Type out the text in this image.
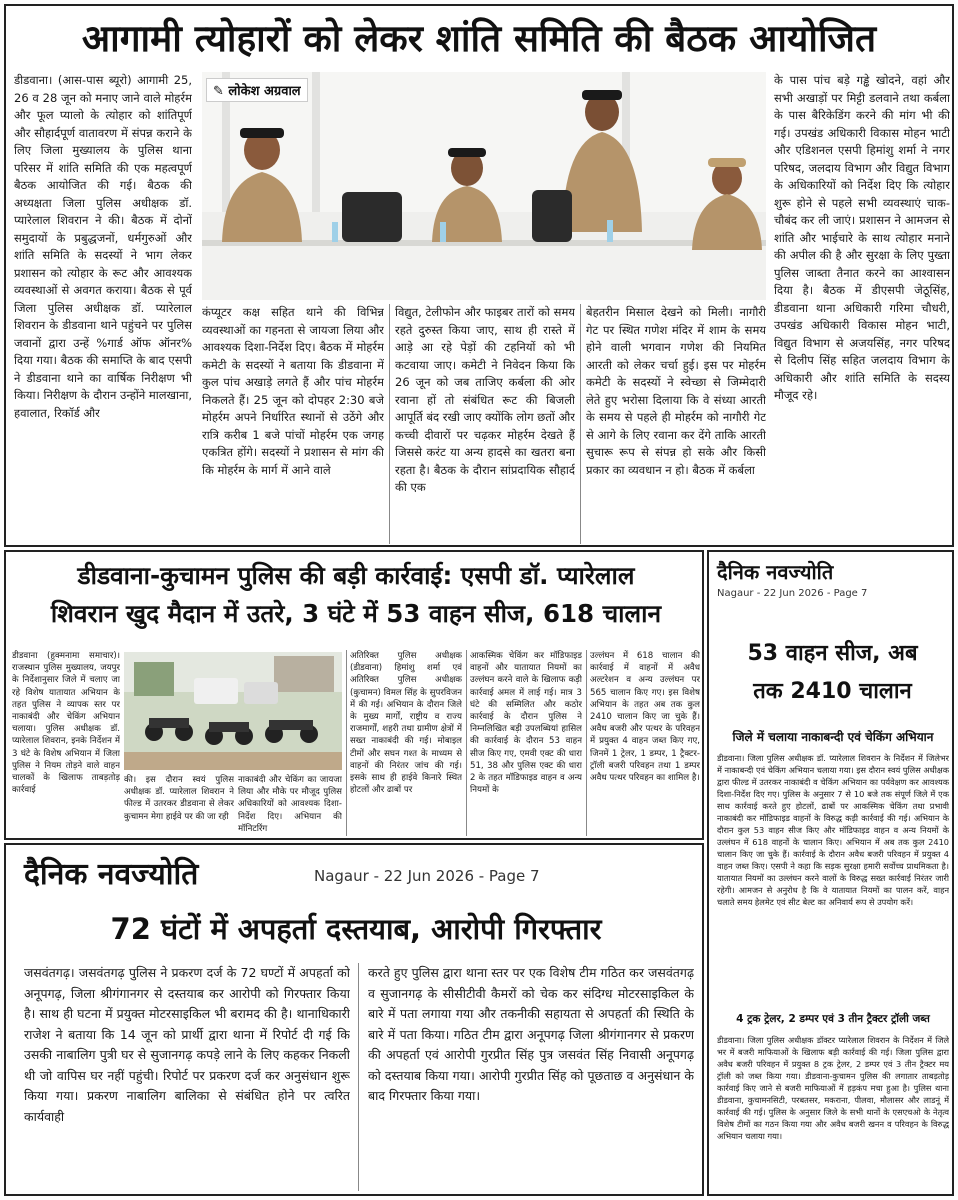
आगामी त्योहारों को लेकर शांति समिति की बैठक आयोजित
डीडवाना। (आस-पास ब्यूरो) आगामी 25, 26 व 28 जून को मनाए जाने वाले मोहर्रम और फूल प्यालो के त्योहार को शांतिपूर्ण और सौहार्दपूर्ण वातावरण में संपन्न कराने के लिए जिला मुख्यालय के पुलिस थाना परिसर में शांति समिति की एक महत्वपूर्ण बैठक आयोजित की गई। बैठक की अध्यक्षता जिला पुलिस अधीक्षक डॉ. प्यारेलाल शिवरान ने की। बैठक में दोनों समुदायों के प्रबुद्धजनों, धर्मगुरुओं और शांति समिति के सदस्यों ने भाग लेकर प्रशासन को त्योहार के रूट और आवश्यक व्यवस्थाओं से अवगत कराया। बैठक से पूर्व जिला पुलिस अधीक्षक डॉ. प्यारेलाल शिवरान के डीडवाना थाने पहुंचने पर पुलिस जवानों द्वारा उन्हें %गार्ड ऑफ ऑनर% दिया गया। बैठक की समाप्ति के बाद एसपी ने डीडवाना थाने का वार्षिक निरीक्षण भी किया। निरीक्षण के दौरान उन्होंने मालखाना, हवालात, रिकॉर्ड और
✎ लोकेश अग्रवाल
कंप्यूटर कक्ष सहित थाने की विभिन्न व्यवस्थाओं का गहनता से जायजा लिया और आवश्यक दिशा-निर्देश दिए। बैठक में मोहर्रम कमेटी के सदस्यों ने बताया कि डीडवाना में कुल पांच अखाड़े लगते हैं और पांच मोहर्रम निकलते हैं। 25 जून को दोपहर 2:30 बजे मोहर्रम अपने निर्धारित स्थानों से उठेंगे और रात्रि करीब 1 बजे पांचों मोहर्रम एक जगह एकत्रित होंगे। सदस्यों ने प्रशासन से मांग की कि मोहर्रम के मार्ग में आने वाले
विद्युत, टेलीफोन और फाइबर तारों को समय रहते दुरुस्त किया जाए, साथ ही रास्ते में आड़े आ रहे पेड़ों की टहनियों को भी कटवाया जाए। कमेटी ने निवेदन किया कि 26 जून को जब ताजिए कर्बला की ओर रवाना हों तो संबंधित रूट की बिजली आपूर्ति बंद रखी जाए क्योंकि लोग छतों और कच्ची दीवारों पर चढ़कर मोहर्रम देखते हैं जिससे करंट या अन्य हादसे का खतरा बना रहता है। बैठक के दौरान सांप्रदायिक सौहार्द की एक
बेहतरीन मिसाल देखने को मिली। नागौरी गेट पर स्थित गणेश मंदिर में शाम के समय होने वाली भगवान गणेश की नियमित आरती को लेकर चर्चा हुई। इस पर मोहर्रम कमेटी के सदस्यों ने स्वेच्छा से जिम्मेदारी लेते हुए भरोसा दिलाया कि वे संध्या आरती के समय से पहले ही मोहर्रम को नागौरी गेट से आगे के लिए रवाना कर देंगे ताकि आरती सुचारू रूप से संपन्न हो सके और किसी प्रकार का व्यवधान न हो। बैठक में कर्बला
के पास पांच बड़े गड्ढे खोदने, वहां और सभी अखाड़ों पर मिट्टी डलवाने तथा कर्बला के पास बैरिकेडिंग करने की मांग भी की गई। उपखंड अधिकारी विकास मोहन भाटी और एडिशनल एसपी हिमांशु शर्मा ने नगर परिषद, जलदाय विभाग और विद्युत विभाग के अधिकारियों को निर्देश दिए कि त्योहार शुरू होने से पहले सभी व्यवस्थाएं चाक-चौबंद कर ली जाएं। प्रशासन ने आमजन से शांति और भाईचारे के साथ त्योहार मनाने की अपील की है और सुरक्षा के लिए पुख्ता पुलिस जाब्ता तैनात करने का आश्वासन दिया है। बैठक में डीएसपी जेठूसिंह, डीडवाना थाना अधिकारी गरिमा चौधरी, उपखंड अधिकारी विकास मोहन भाटी, विद्युत विभाग से अजयसिंह, नगर परिषद से दिलीप सिंह सहित जलदाय विभाग के अधिकारी और शांति समिति के सदस्य मौजूद रहे।
डीडवाना-कुचामन पुलिस की बड़ी कार्रवाई: एसपी डॉ. प्यारेलाल
शिवरान खुद मैदान में उतरे, 3 घंटे में 53 वाहन सीज, 618 चालान
डीडवाना (हुक्मनामा समाचार)। राजस्थान पुलिस मुख्यालय, जयपुर के निर्देशानुसार जिले में चलाए जा रहे विशेष यातायात अभियान के तहत पुलिस ने व्यापक स्तर पर नाकाबंदी और चेकिंग अभियान चलाया। पुलिस अधीक्षक डॉ. प्यारेलाल शिवरान, इनके निर्देशन में 3 घंटे के विशेष अभियान में जिला पुलिस ने नियम तोड़ने वाले वाहन चालकों के खिलाफ ताबड़तोड़ कार्रवाई
की। इस दौरान स्वयं पुलिस अधीक्षक डॉ. प्यारेलाल शिवरान ने फील्ड में उतरकर डीडवाना से लेकर कुचामन मेगा हाईवे पर की जा रही
नाकाबंदी और चेकिंग का जायजा लिया और मौके पर मौजूद पुलिस अधिकारियों को आवश्यक दिशा-निर्देश दिए। अभियान की मॉनिटरिंग
अतिरिक्त पुलिस अधीक्षक (डीडवाना) हिमांशु शर्मा एवं अतिरिक्त पुलिस अधीक्षक (कुचामन) विमल सिंह के सुपरविजन में की गई। अभियान के दौरान जिले के मुख्य मार्गों, राष्ट्रीय व राज्य राजमार्गों, शहरी तथा ग्रामीण क्षेत्रों में सख्त नाकाबंदी की गई। मोबाइल टीमों और सघन गश्त के माध्यम से वाहनों की निरंतर जांच की गई। इसके साथ ही हाईवे किनारे स्थित होटलों और ढाबों पर
आकस्मिक चेकिंग कर मॉडिफाइड वाहनों और यातायात नियमों का उल्लंघन करने वाले के खिलाफ कड़ी कार्रवाई अमल में लाई गई। मात्र 3 घंटे की सम्मिलित और कठोर कार्रवाई के दौरान पुलिस ने निम्नलिखित बड़ी उपलब्धियां हासिल की कार्रवाई के दौरान 53 वाहन सीज किए गए, एमवी एक्ट की धारा 51, 38 और पुलिस एक्ट की धारा 2 के तहत मॉडिफाइड वाहन व अन्य नियमों के
उल्लंघन में 618 चालान की कार्रवाई में वाहनों में अवैध अल्टरेशन व अन्य उल्लंघन पर 565 चालान किए गए। इस विशेष अभियान के तहत अब तक कुल 2410 चालान किए जा चुके हैं। अवैध बजरी और पत्थर के परिवहन में प्रयुक्त 4 वाहन जब्त किए गए, जिनमें 1 ट्रेलर, 1 डम्पर, 1 ट्रैक्टर-ट्रॉली बजरी परिवहन तथा 1 डम्पर अवैध पत्थर परिवहन का शामिल है।
दैनिक नवज्योति
Nagaur - 22 Jun 2026 - Page 7
53 वाहन सीज, अब
तक 2410 चालान
जिले में चलाया नाकाबन्दी एवं चेकिंग अभियान
डीडवाना। जिला पुलिस अधीक्षक डॉ. प्यारेलाल शिवरान के निर्देशन में जिलेभर में नाकाबन्दी एवं चेकिंग अभियान चलाया गया। इस दौरान स्वयं पुलिस अधीक्षक द्वारा फील्ड में उतरकर नाकाबंदी व चेकिंग अभियान का पर्यवेक्षण कर आवश्यक दिशा-निर्देश दिए गए। पुलिस के अनुसार 7 से 10 बजे तक संपूर्ण जिले में एक साथ कार्रवाई करते हुए होटलों, ढाबों पर आकस्मिक चेकिंग तथा प्रभावी नाकाबंदी कर मॉडिफाइड वाहनों के विरुद्ध कड़ी कार्रवाई की गई। अभियान के दौरान कुल 53 वाहन सीज किए और मॉडिफाइड वाहन व अन्य नियमों के उल्लंघन में 618 वाहनों के चालान किए। अभियान में अब तक कुल 2410 चालान किए जा चुके हैं। कार्रवाई के दौरान अवैध बजरी परिवहन में प्रयुक्त 4 वाहन जब्त किए। एसपी ने कहा कि सड़क सुरक्षा हमारी सर्वोच्च प्राथमिकता है। यातायात नियमों का उल्लंघन करने वालों के विरुद्ध सख्त कार्रवाई निरंतर जारी रहेगी। आमजन से अनुरोध है कि वे यातायात नियमों का पालन करें, वाहन चलाते समय हेलमेट एवं सीट बेल्ट का अनिवार्य रूप से उपयोग करें।
4 ट्रक ट्रेलर, 2 डम्पर एवं 3 तीन ट्रैक्टर ट्रॉली जब्त
डीडवाना। जिला पुलिस अधीक्षक डॉक्टर प्यारेलाल शिवरान के निर्देशन में जिले भर में बजरी माफियाओं के खिलाफ बड़ी कार्रवाई की गई। जिला पुलिस द्वारा अवैध बजरी परिवहन में प्रयुक्त 8 ट्रक ट्रेलर, 2 डम्पर एवं 3 तीन ट्रैक्टर मय ट्रॉली को जब्त किया गया। डीडवाना-कुचामन पुलिस की लगातार ताबड़तोड़ कार्रवाई किए जाने से बजरी माफियाओं में हड़कंप मचा हुआ है। पुलिस थाना डीडवाना, कुचामनसिटी, परबतसर, मकराना, पीलवा, मौलासर और लाडनूं में कार्रवाई की गई। पुलिस के अनुसार जिले के सभी थानों के एसएचओ के नेतृत्व विशेष टीमों का गठन किया गया और अवैध बजरी खनन व परिवहन के विरुद्ध अभियान चलाया गया।
दैनिक नवज्योति	Nagaur - 22 Jun 2026 - Page 7
72 घंटों में अपहर्ता दस्तयाब, आरोपी गिरफ्तार
जसवंतगढ़। जसवंतगढ़ पुलिस ने प्रकरण दर्ज के 72 घण्टों में अपहर्ता को अनूपगढ़, जिला श्रीगंगानगर से दस्तयाब कर आरोपी को गिरफ्तार किया है। साथ ही घटना में प्रयुक्त मोटरसाइकिल भी बरामद की है। थानाधिकारी राजेश ने बताया कि 14 जून को प्रार्थी द्वारा थाना में रिपोर्ट दी गई कि उसकी नाबालिग पुत्री घर से सुजानगढ़ कपड़े लाने के लिए कहकर निकली थी जो वापिस घर नहीं पहुंची। रिपोर्ट पर प्रकरण दर्ज कर अनुसंधान शुरू किया गया। प्रकरण नाबालिग बालिका से संबंधित होने पर त्वरित कार्यवाही
करते हुए पुलिस द्वारा थाना स्तर पर एक विशेष टीम गठित कर जसवंतगढ़ व सुजानगढ़ के सीसीटीवी कैमरों को चेक कर संदिग्ध मोटरसाइकिल के बारे में पता लगाया गया और तकनीकी सहायता से अपहर्ता की स्थिति के बारे में पता किया। गठित टीम द्वारा अनूपगढ़ जिला श्रीगंगानगर से प्रकरण की अपहर्ता एवं आरोपी गुरप्रीत सिंह पुत्र जसवंत सिंह निवासी अनूपगढ़ को दस्तयाब किया गया। आरोपी गुरप्रीत सिंह को पूछताछ व अनुसंधान के बाद गिरफ्तार किया गया।
